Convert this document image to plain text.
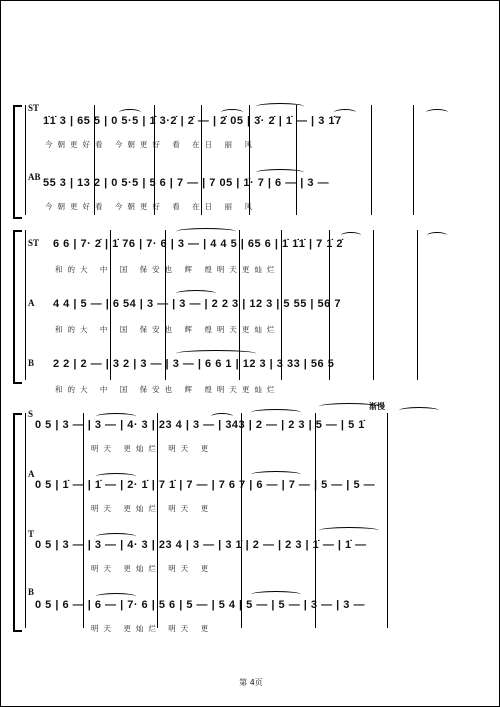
ST
1̇1̇ 3 | 65 5 | 0 5·5 | 1̇ 3·2̇ | 2̇ — | 2̇ 05 | 3̇· 2̇ | 1̇ — | 3 1̇7
今朝更好看 今朝更好 看 在日 丽 风
AB 55 3 | 13 2 | 0 5·5 | 5 6 | 7 — | 7 05 | 1̇· 7 | 6 — | 3 —
今朝更好看 今朝更好 看 在日 丽 风
ST 6 6 | 7· 2̇ | 1̇ 76 | 7· 6 | 3 — | 4 4 5 | 65 6 | 1̇ 1̇1̇ | 7 1̇ 2̇
和的大 中 国 保安也 辉 煌明天更灿烂
A 4 4 | 5 — | 6 54 | 3 — | 3 — | 2 2 3 | 12 3 | 5 55 | 56 7
和的大 中 国 保安也 辉 煌明天更灿烂
B 2 2 | 2 — | 3 2 | 3 — | 3 — | 6 6 1 | 12 3 | 3 33 | 56 5
和的大 中 国 保安也 辉 煌明天更灿烂
渐慢
S
0 5 | 3 — | 3 — | 4· 3 | 23 4 | 3 — | 343 | 2 — | 2 3 | 5 — | 5 1̇
明天 更灿烂 明天 更
A
0 5 | 1̇ — | 1̇ — | 2· 1̇ | 7 1̇ | 7 — | 7 6 7 | 6 — | 7 — | 5 — | 5 —
明天 更灿烂 明天 更
T
0 5 | 3 — | 3 — | 4· 3 | 23 4 | 3 — | 3 1̇ | 2 — | 2 3 | 1̇ — | 1̇ —
明天 更灿烂 明天 更
B
0 5 | 6 — | 6 — | 7· 6 | 5 6 | 5 — | 5 4 | 5 — | 5 — | 3 — | 3 —
明天 更灿烂 明天 更
第 4页
